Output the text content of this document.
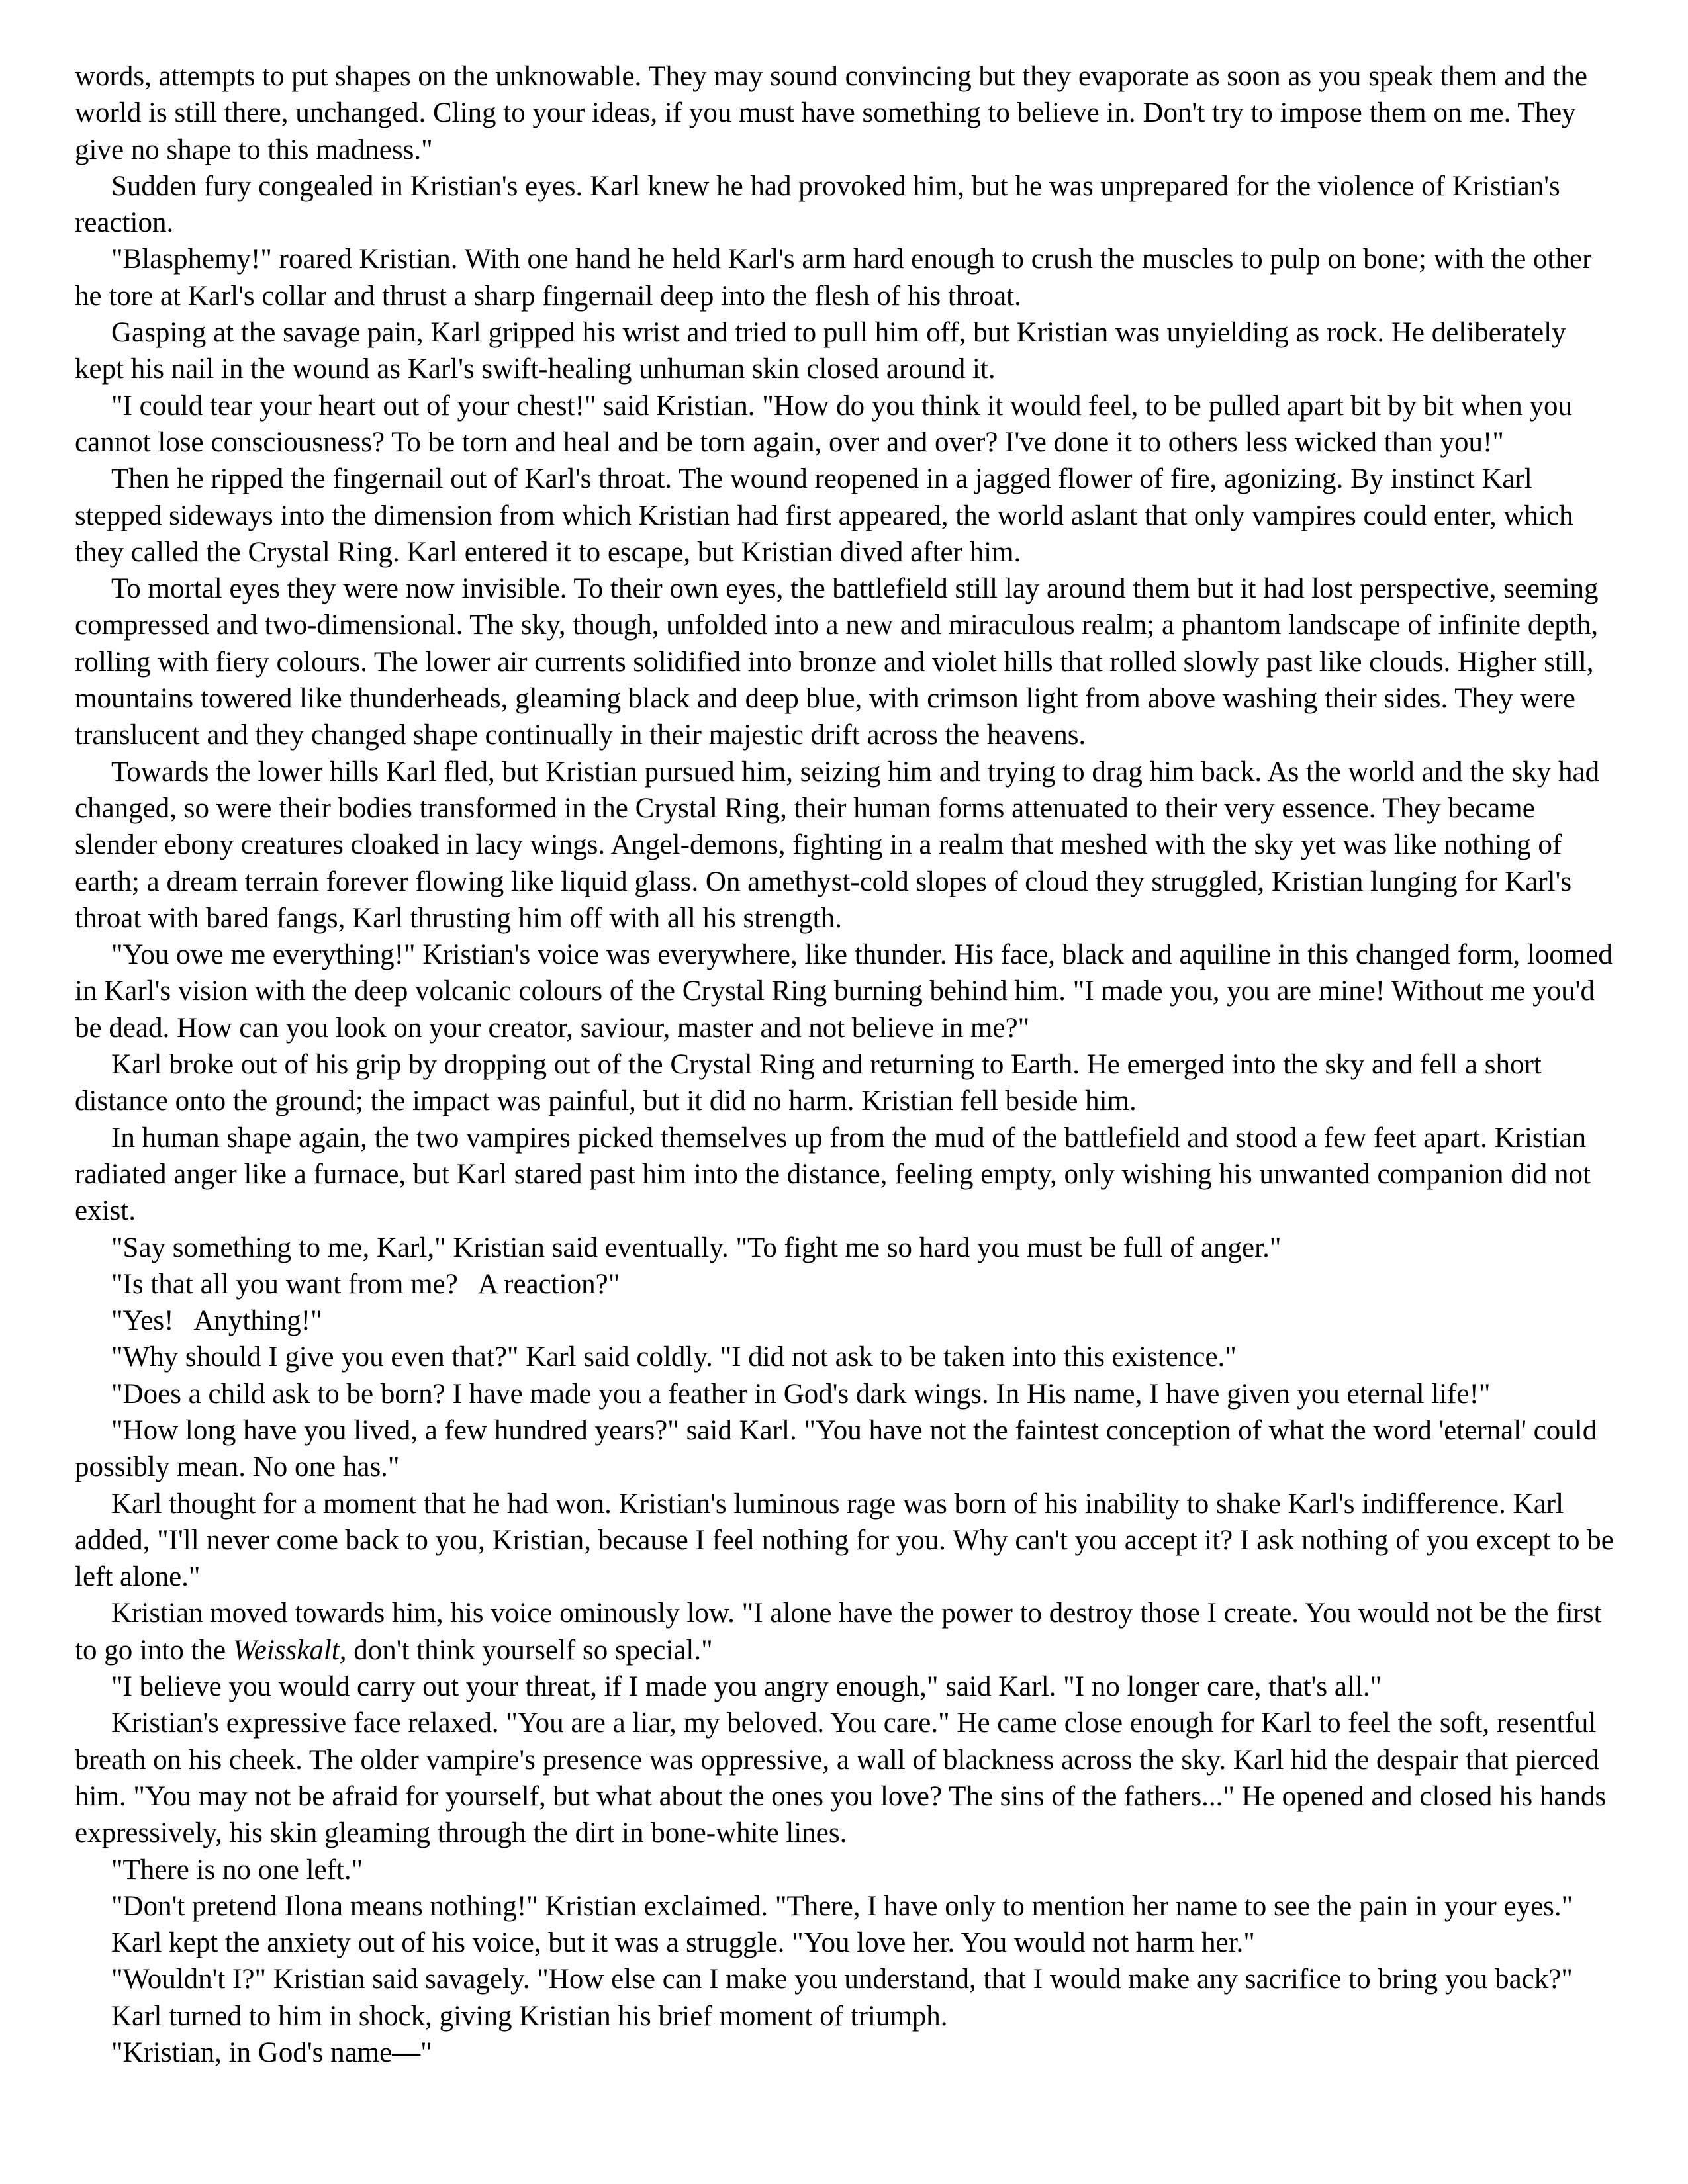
words, attempts to put shapes on the unknowable. They may sound convincing but they evaporate as soon as you speak them and the world is still there, unchanged. Cling to your ideas, if you must have something to believe in. Don't try to impose them on me. They give no shape to this madness."

Sudden fury congealed in Kristian's eyes. Karl knew he had provoked him, but he was unprepared for the violence of Kristian's reaction.

"Blasphemy!" roared Kristian. With one hand he held Karl's arm hard enough to crush the muscles to pulp on bone; with the other he tore at Karl's collar and thrust a sharp fingernail deep into the flesh of his throat.

Gasping at the savage pain, Karl gripped his wrist and tried to pull him off, but Kristian was unyielding as rock. He deliberately kept his nail in the wound as Karl's swift-healing unhuman skin closed around it.

"I could tear your heart out of your chest!" said Kristian. "How do you think it would feel, to be pulled apart bit by bit when you cannot lose consciousness? To be torn and heal and be torn again, over and over? I've done it to others less wicked than you!"

Then he ripped the fingernail out of Karl's throat. The wound reopened in a jagged flower of fire, agonizing. By instinct Karl stepped sideways into the dimension from which Kristian had first appeared, the world aslant that only vampires could enter, which they called the Crystal Ring. Karl entered it to escape, but Kristian dived after him.

To mortal eyes they were now invisible. To their own eyes, the battlefield still lay around them but it had lost perspective, seeming compressed and two-dimensional. The sky, though, unfolded into a new and miraculous realm; a phantom landscape of infinite depth, rolling with fiery colours. The lower air currents solidified into bronze and violet hills that rolled slowly past like clouds. Higher still, mountains towered like thunderheads, gleaming black and deep blue, with crimson light from above washing their sides. They were translucent and they changed shape continually in their majestic drift across the heavens.

Towards the lower hills Karl fled, but Kristian pursued him, seizing him and trying to drag him back. As the world and the sky had changed, so were their bodies transformed in the Crystal Ring, their human forms attenuated to their very essence. They became slender ebony creatures cloaked in lacy wings. Angel-demons, fighting in a realm that meshed with the sky yet was like nothing of earth; a dream terrain forever flowing like liquid glass. On amethyst-cold slopes of cloud they struggled, Kristian lunging for Karl's throat with bared fangs, Karl thrusting him off with all his strength.

"You owe me everything!" Kristian's voice was everywhere, like thunder. His face, black and aquiline in this changed form, loomed in Karl's vision with the deep volcanic colours of the Crystal Ring burning behind him. "I made you, you are mine! Without me you'd be dead. How can you look on your creator, saviour, master and not believe in me?"

Karl broke out of his grip by dropping out of the Crystal Ring and returning to Earth. He emerged into the sky and fell a short distance onto the ground; the impact was painful, but it did no harm. Kristian fell beside him.

In human shape again, the two vampires picked themselves up from the mud of the battlefield and stood a few feet apart. Kristian radiated anger like a furnace, but Karl stared past him into the distance, feeling empty, only wishing his unwanted companion did not exist.

"Say something to me, Karl," Kristian said eventually. "To fight me so hard you must be full of anger."

"Is that all you want from me?   A reaction?"

"Yes!   Anything!"

"Why should I give you even that?" Karl said coldly. "I did not ask to be taken into this existence."

"Does a child ask to be born? I have made you a feather in God's dark wings. In His name, I have given you eternal life!"

"How long have you lived, a few hundred years?" said Karl. "You have not the faintest conception of what the word 'eternal' could possibly mean. No one has."

Karl thought for a moment that he had won. Kristian's luminous rage was born of his inability to shake Karl's indifference. Karl added, "I'll never come back to you, Kristian, because I feel nothing for you. Why can't you accept it? I ask nothing of you except to be left alone."

Kristian moved towards him, his voice ominously low. "I alone have the power to destroy those I create. You would not be the first to go into the Weisskalt, don't think yourself so special."

"I believe you would carry out your threat, if I made you angry enough," said Karl. "I no longer care, that's all."

Kristian's expressive face relaxed. "You are a liar, my beloved. You care." He came close enough for Karl to feel the soft, resentful breath on his cheek. The older vampire's presence was oppressive, a wall of blackness across the sky. Karl hid the despair that pierced him. "You may not be afraid for yourself, but what about the ones you love? The sins of the fathers..." He opened and closed his hands expressively, his skin gleaming through the dirt in bone-white lines.

"There is no one left."

"Don't pretend Ilona means nothing!" Kristian exclaimed. "There, I have only to mention her name to see the pain in your eyes."

Karl kept the anxiety out of his voice, but it was a struggle. "You love her. You would not harm her."

"Wouldn't I?" Kristian said savagely. "How else can I make you understand, that I would make any sacrifice to bring you back?"

Karl turned to him in shock, giving Kristian his brief moment of triumph.

"Kristian, in God's name—"
